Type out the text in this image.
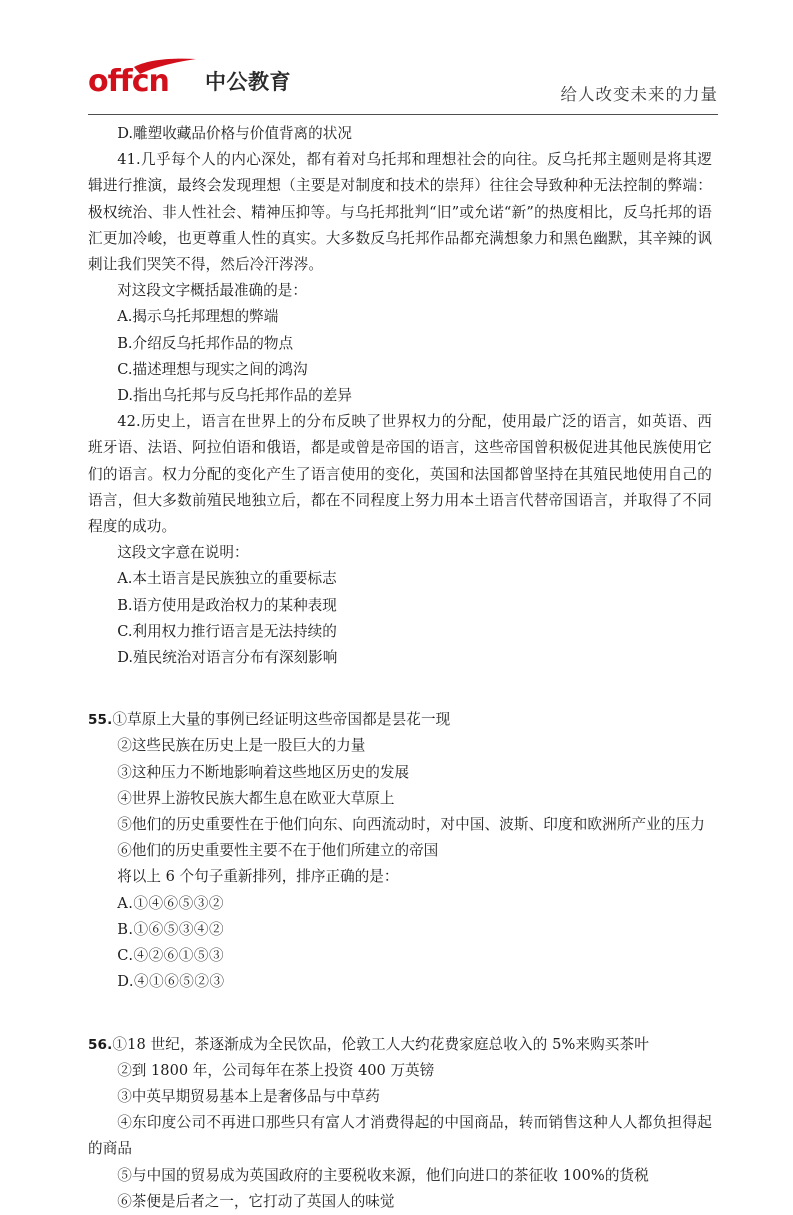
offcn 中公教育
给人改变未来的力量

D.雕塑收藏品价格与价值背离的状况

41.几乎每个人的内心深处，都有着对乌托邦和理想社会的向往。反乌托邦主题则是将其逻辑进行推演，最终会发现理想（主要是对制度和技术的崇拜）往往会导致种种无法控制的弊端：极权统治、非人性社会、精神压抑等。与乌托邦批判“旧”或允诺“新”的热度相比，反乌托邦的语汇更加冷峻，也更尊重人性的真实。大多数反乌托邦作品都充满想象力和黑色幽默，其辛辣的讽刺让我们哭笑不得，然后冷汗涔涔。

对这段文字概括最准确的是：

A.揭示乌托邦理想的弊端

B.介绍反乌托邦作品的物点

C.描述理想与现实之间的鸿沟

D.指出乌托邦与反乌托邦作品的差异

42.历史上，语言在世界上的分布反映了世界权力的分配，使用最广泛的语言，如英语、西班牙语、法语、阿拉伯语和俄语，都是或曾是帝国的语言，这些帝国曾积极促进其他民族使用它们的语言。权力分配的变化产生了语言使用的变化，英国和法国都曾坚持在其殖民地使用自己的语言，但大多数前殖民地独立后，都在不同程度上努力用本土语言代替帝国语言，并取得了不同程度的成功。

这段文字意在说明：

A.本土语言是民族独立的重要标志

B.语方使用是政治权力的某种表现

C.利用权力推行语言是无法持续的

D.殖民统治对语言分布有深刻影响

55.①草原上大量的事例已经证明这些帝国都是昙花一现

②这些民族在历史上是一股巨大的力量

③这种压力不断地影响着这些地区历史的发展

④世界上游牧民族大都生息在欧亚大草原上

⑤他们的历史重要性在于他们向东、向西流动时，对中国、波斯、印度和欧洲所产业的压力

⑥他们的历史重要性主要不在于他们所建立的帝国

将以上 6 个句子重新排列，排序正确的是：

A.①④⑥⑤③②

B.①⑥⑤③④②

C.④②⑥①⑤③

D.④①⑥⑤②③

56.①18 世纪，茶逐渐成为全民饮品，伦敦工人大约花费家庭总收入的 5%来购买茶叶

②到 1800 年，公司每年在茶上投资 400 万英镑

③中英早期贸易基本上是奢侈品与中草药

④东印度公司不再进口那些只有富人才消费得起的中国商品，转而销售这种人人都负担得起的商品

⑤与中国的贸易成为英国政府的主要税收来源，他们向进口的茶征收 100%的货税

⑥茶便是后者之一，它打动了英国人的味觉
